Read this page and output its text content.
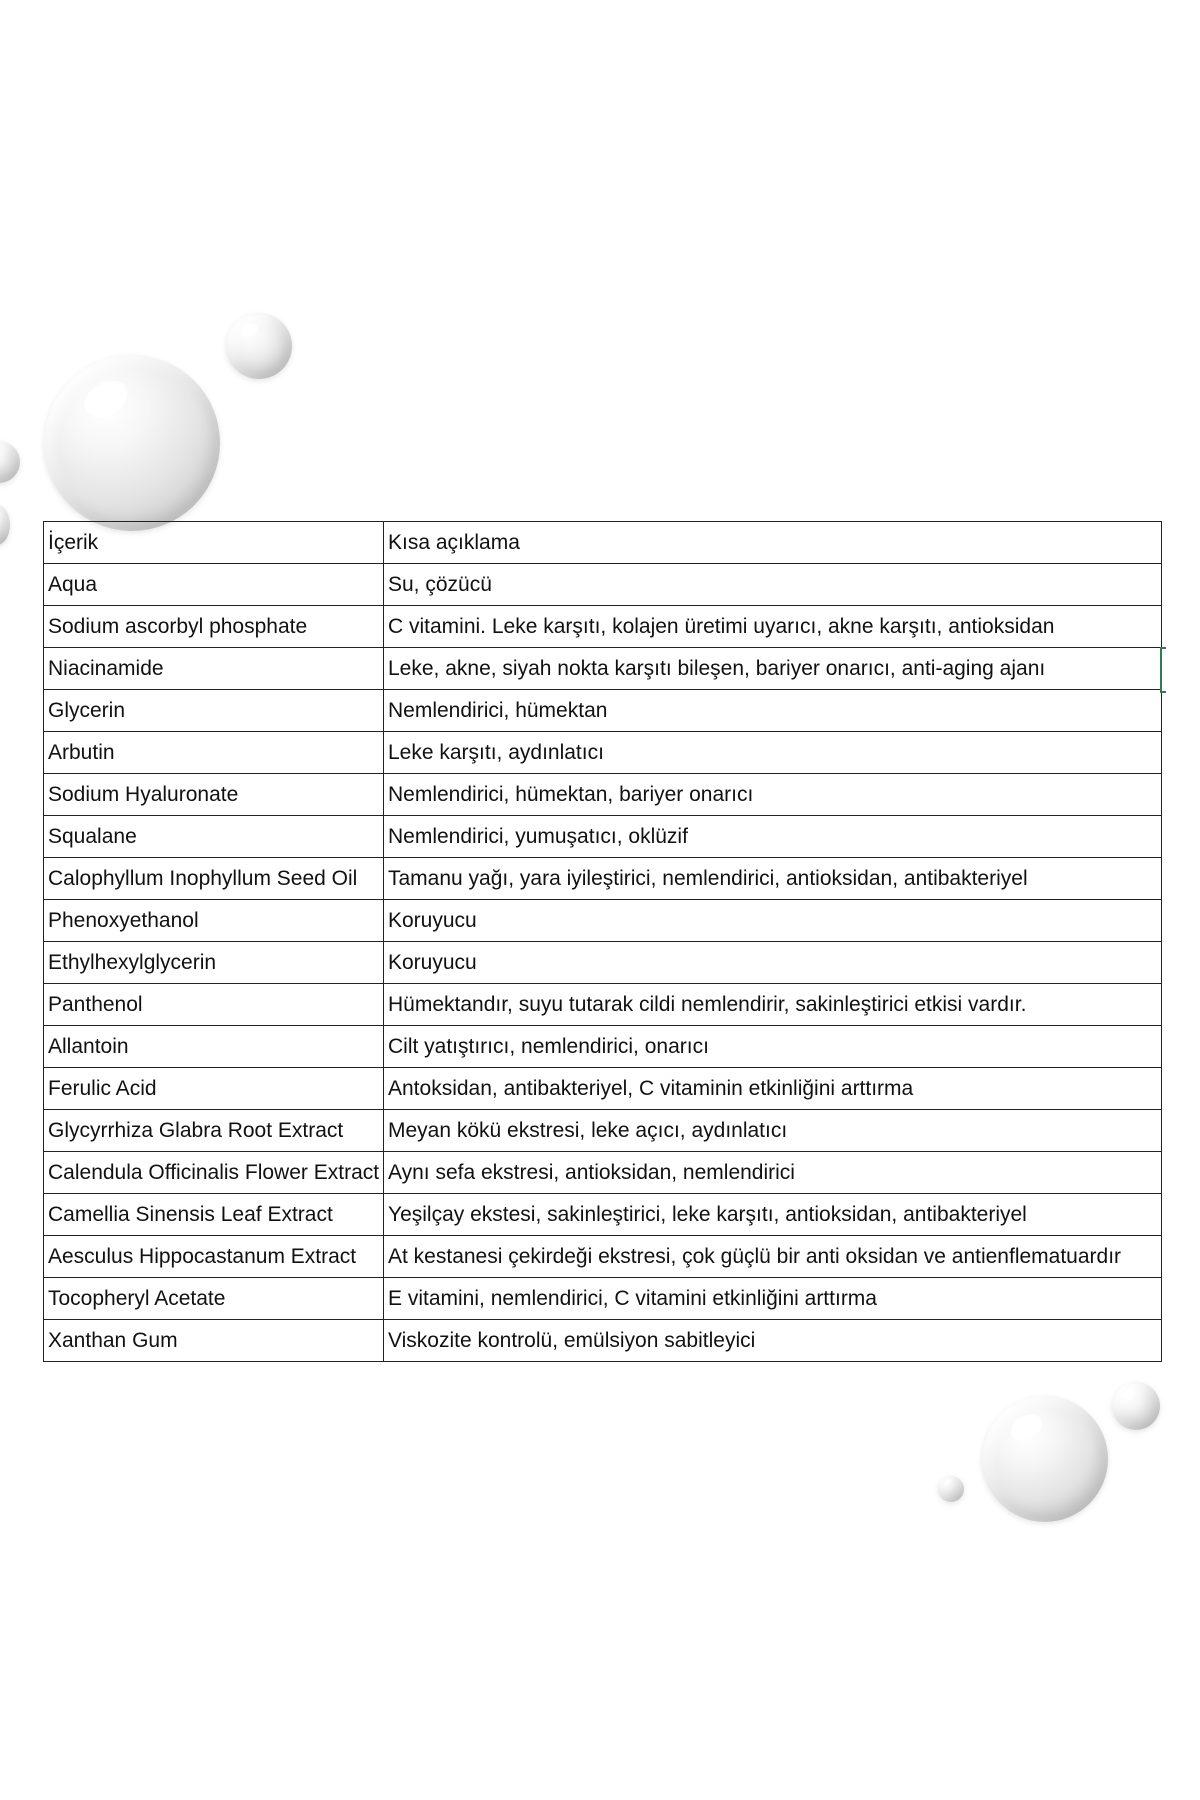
İçerik	Kısa açıklama
Aqua	Su, çözücü
Sodium ascorbyl phosphate	C vitamini. Leke karşıtı, kolajen üretimi uyarıcı, akne karşıtı, antioksidan
Niacinamide	Leke, akne, siyah nokta karşıtı bileşen, bariyer onarıcı, anti-aging ajanı
Glycerin	Nemlendirici, hümektan
Arbutin	Leke karşıtı, aydınlatıcı
Sodium Hyaluronate	Nemlendirici, hümektan, bariyer onarıcı
Squalane	Nemlendirici, yumuşatıcı, oklüzif
Calophyllum Inophyllum Seed Oil	Tamanu yağı, yara iyileştirici, nemlendirici, antioksidan, antibakteriyel
Phenoxyethanol	Koruyucu
Ethylhexylglycerin	Koruyucu
Panthenol	Hümektandır, suyu tutarak cildi nemlendirir, sakinleştirici etkisi vardır.
Allantoin	Cilt yatıştırıcı, nemlendirici, onarıcı
Ferulic Acid	Antoksidan, antibakteriyel, C vitaminin etkinliğini arttırma
Glycyrrhiza Glabra Root Extract	Meyan kökü ekstresi, leke açıcı, aydınlatıcı
Calendula Officinalis Flower Extract	Aynı sefa ekstresi, antioksidan, nemlendirici
Camellia Sinensis Leaf Extract	Yeşilçay ekstesi, sakinleştirici, leke karşıtı, antioksidan, antibakteriyel
Aesculus Hippocastanum Extract	At kestanesi çekirdeği ekstresi, çok güçlü bir anti oksidan ve antienflematuardır
Tocopheryl Acetate	E vitamini, nemlendirici, C vitamini etkinliğini arttırma
Xanthan Gum	Viskozite kontrolü, emülsiyon sabitleyici
